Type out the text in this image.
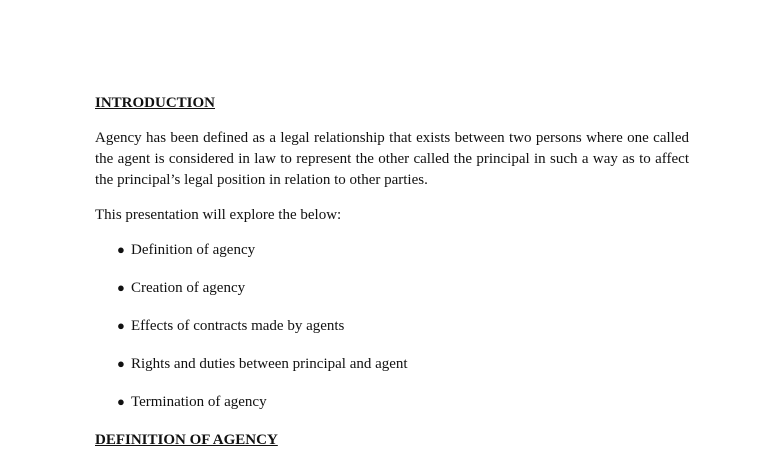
INTRODUCTION

Agency has been defined as a legal relationship that exists between two persons where one called the agent is considered in law to represent the other called the principal in such a way as to affect the principal’s legal position in relation to other parties.

This presentation will explore the below:

● Definition of agency
● Creation of agency
● Effects of contracts made by agents
● Rights and duties between principal and agent
● Termination of agency
DEFINITION OF AGENCY
